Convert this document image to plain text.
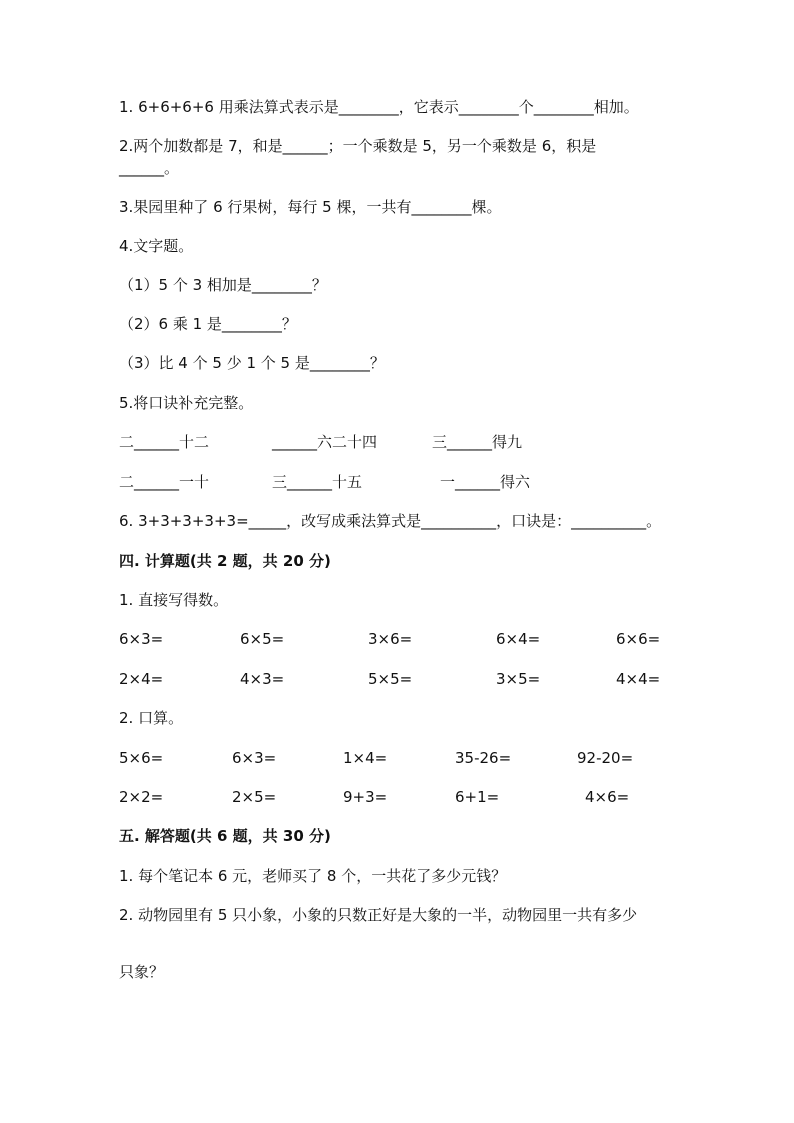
1. 6+6+6+6 用乘法算式表示是________，它表示________个________相加。
2.两个加数都是 7，和是______；一个乘数是 5，另一个乘数是 6，积是
______。
3.果园里种了 6 行果树，每行 5 棵，一共有________棵。
4.文字题。
（1）5 个 3 相加是________？
（2）6 乘 1 是________？
（3）比 4 个 5 少 1 个 5 是________？
5.将口诀补充完整。
二______十二	______六二十四	三______得九
二______一十	三______十五	一______得六
6. 3+3+3+3+3=_____，改写成乘法算式是__________，口诀是：__________。
四. 计算题(共 2 题，共 20 分)
1. 直接写得数。
6×3=	6×5=	3×6=	6×4=	6×6=
2×4=	4×3=	5×5=	3×5=	4×4=
2. 口算。
5×6=	6×3=	1×4=	35-26=	92-20=
2×2=	2×5=	9+3=	6+1=	4×6=
五. 解答题(共 6 题，共 30 分)
1. 每个笔记本 6 元，老师买了 8 个，一共花了多少元钱？
2. 动物园里有 5 只小象，小象的只数正好是大象的一半，动物园里一共有多少
只象？
